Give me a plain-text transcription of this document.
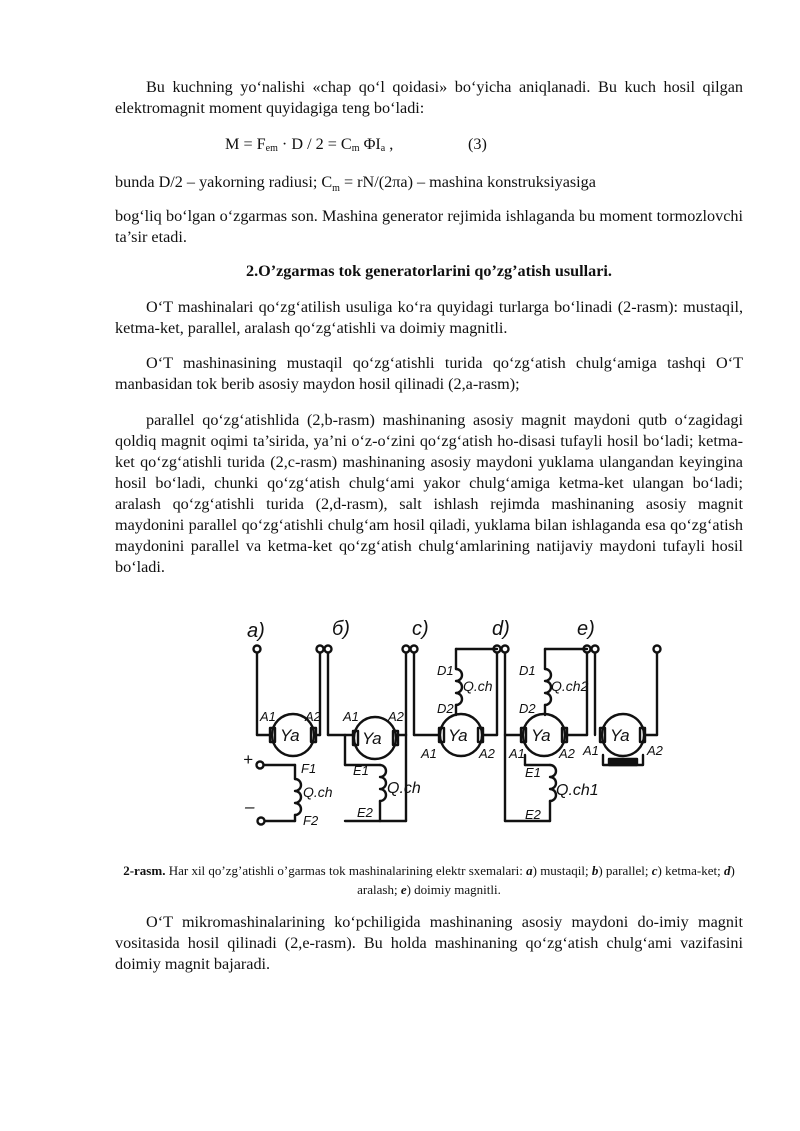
Bu kuchning yo‘nalishi «chap qo‘l qoidasi» bo‘yicha aniqlanadi. Bu kuch hosil qilgan elektromagnit moment quyidagiga teng bo‘ladi:

$M = F_{em} \cdot D / 2 = C_m$ $\Phi I_a$ ,	(3)

bunda D/2 – yakorning radiusi; $C_m = rN/(2\pi a)$ – mashina konstruksiyasiga

bog‘liq bo‘lgan o‘zgarmas son. Mashina generator rejimida ishlaganda bu moment tormozlovchi ta’sir etadi.

2.O’zgarmas tok generatorlarini qo’zg’atish usullari.

O‘T mashinalari qo‘zg‘atilish usuliga ko‘ra quyidagi turlarga bo‘linadi (2-rasm): mustaqil, ketma-ket, parallel, aralash qo‘zg‘atishli va doimiy magnitli.

O‘T mashinasining mustaqil qo‘zg‘atishli turida qo‘zg‘atish chulg‘amiga tashqi O‘T manbasidan tok berib asosiy maydon hosil qilinadi (2,a-rasm);

parallel qo‘zg‘atishlida (2,b-rasm) mashinaning asosiy magnit maydoni qutb o‘zagidagi qoldiq magnit oqimi ta’sirida, ya’ni o‘z-o‘zini qo‘zg‘atish ho-disasi tufayli hosil bo‘ladi; ketma-ket qo‘zg‘atishli turida (2,c-rasm) mashinaning asosiy maydoni yuklama ulangandan keyingina hosil bo‘ladi, chunki qo‘zg‘atish chulg‘ami yakor chulg‘amiga ketma-ket ulangan bo‘ladi; aralash qo‘zg‘atishli turida (2,d-rasm), salt ishlash rejimda mashinaning asosiy magnit maydonini parallel qo‘zg‘atishli chulg‘am hosil qiladi, yuklama bilan ishlaganda esa qo‘zg‘atish maydonini parallel va ketma-ket qo‘zg‘atish chulg‘amlarining natijaviy maydoni tufayli hosil bo‘ladi.

a)	б)	c)	d)	e)
Ya
A1 A2
+
–
F1
Q.ch
F2
Ya
A1 A2
E1
Q.ch
E2
Ya
D1
Q.ch
D2
A1	A2
Ya
D1
Q.ch2
D2
A1	A2
E1
Q.ch1
E2
Ya
A1	A2

2-rasm. Har xil qo’zg’atishli o’garmas tok mashinalarining elektr sxemalari: a) mustaqil; b) parallel; c) ketma-ket; d) aralash; e) doimiy magnitli.

O‘T mikromashinalarining ko‘pchiligida mashinaning asosiy maydoni do-imiy magnit vositasida hosil qilinadi (2,e-rasm). Bu holda mashinaning qo‘zg‘atish chulg‘ami vazifasini doimiy magnit bajaradi.
